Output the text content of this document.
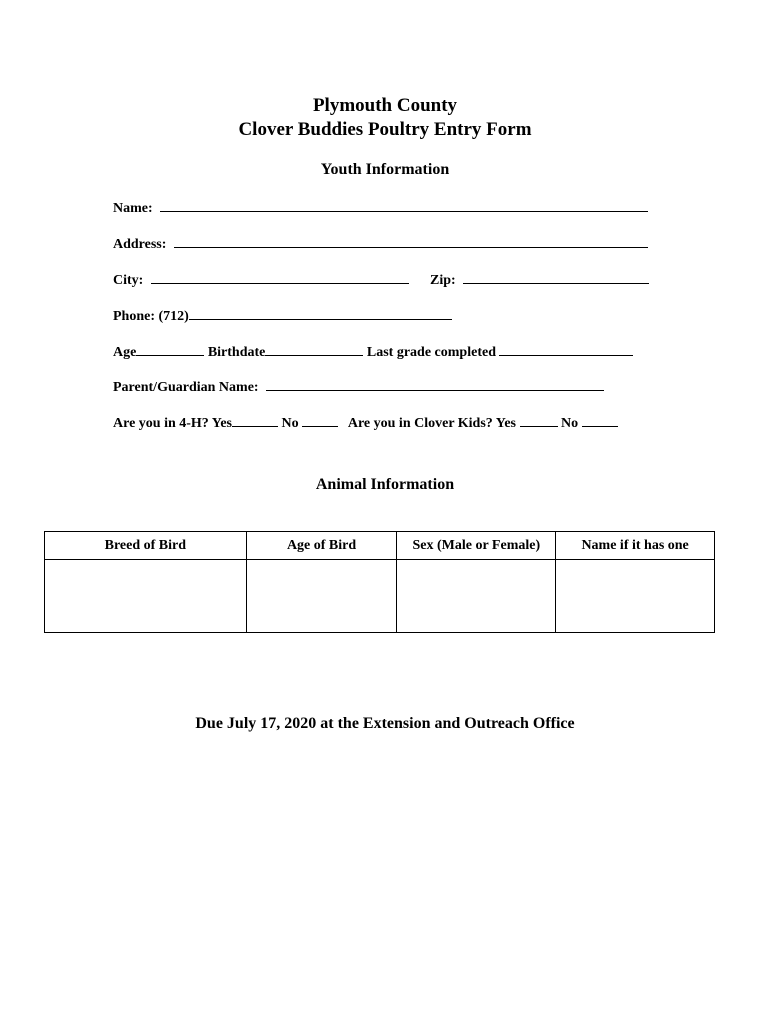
Plymouth County
Clover Buddies Poultry Entry Form
Youth Information
Name:
Address:
City:	Zip:
Phone: (712)
Age	Birthdate	Last grade completed
Parent/Guardian Name:
Are you in 4-H? Yes	No	Are you in Clover Kids? Yes	No
Animal Information
Breed of Bird	Age of Bird	Sex (Male or Female)	Name if it has one

Due July 17, 2020 at the Extension and Outreach Office
